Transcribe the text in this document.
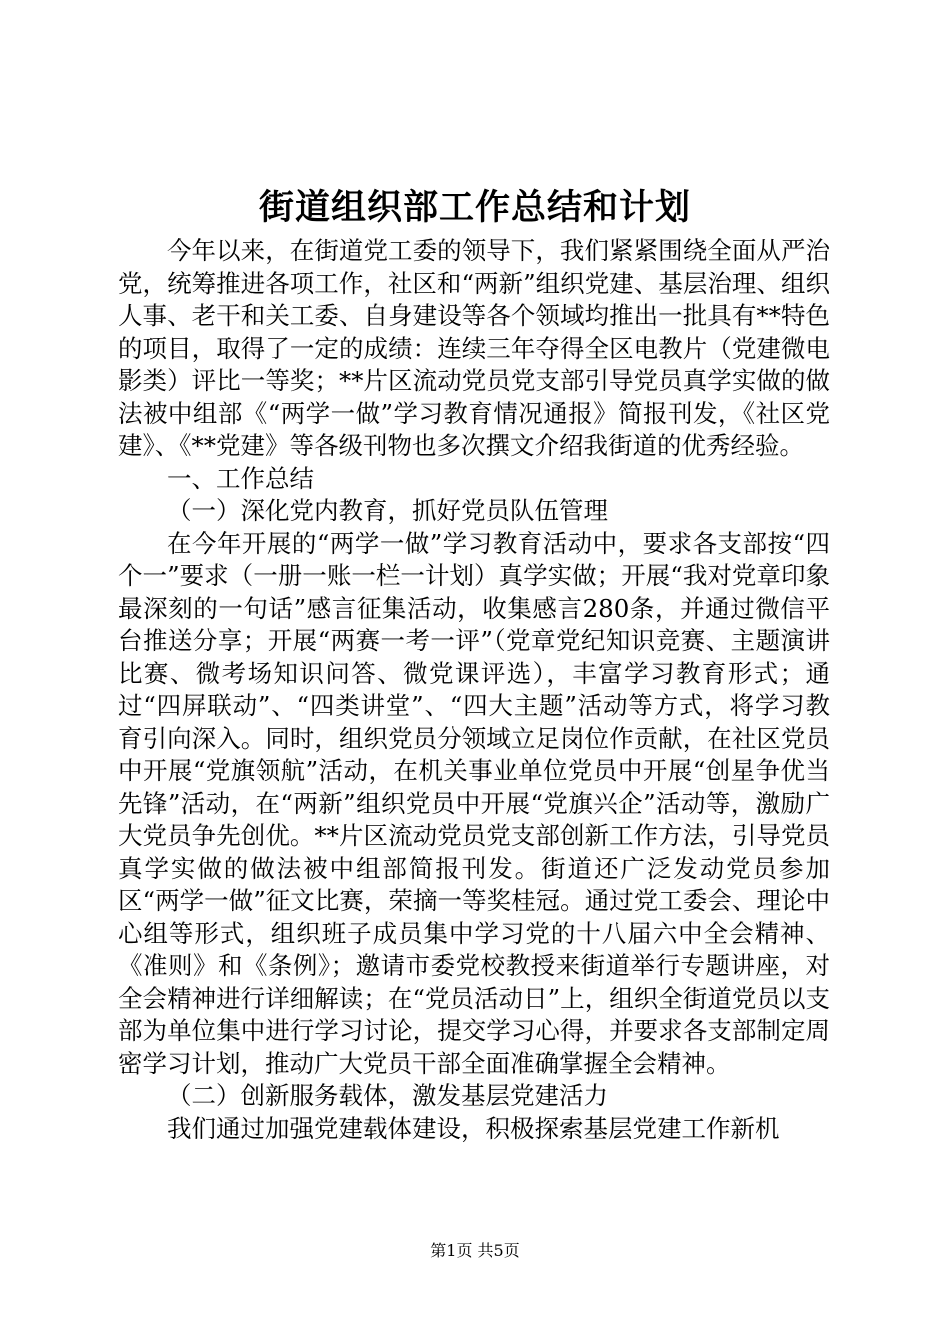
街道组织部工作总结和计划

今年以来，在街道党工委的领导下，我们紧紧围绕全面从严治党，统筹推进各项工作，社区和“两新”组织党建、基层治理、组织人事、老干和关工委、自身建设等各个领域均推出一批具有**特色的项目，取得了一定的成绩：连续三年夺得全区电教片（党建微电影类）评比一等奖；**片区流动党员党支部引导党员真学实做的做法被中组部《“两学一做”学习教育情况通报》简报刊发，《社区党建》、《**党建》等各级刊物也多次撰文介绍我街道的优秀经验。

一、工作总结

（一）深化党内教育，抓好党员队伍管理

在今年开展的“两学一做”学习教育活动中，要求各支部按“四个一”要求（一册一账一栏一计划）真学实做；开展“我对党章印象最深刻的一句话”感言征集活动，收集感言280条，并通过微信平台推送分享；开展“两赛一考一评”（党章党纪知识竞赛、主题演讲比赛、微考场知识问答、微党课评选），丰富学习教育形式；通过“四屏联动”、“四类讲堂”、“四大主题”活动等方式，将学习教育引向深入。同时，组织党员分领域立足岗位作贡献，在社区党员中开展“党旗领航”活动，在机关事业单位党员中开展“创星争优当先锋”活动，在“两新”组织党员中开展“党旗兴企”活动等，激励广大党员争先创优。**片区流动党员党支部创新工作方法，引导党员真学实做的做法被中组部简报刊发。街道还广泛发动党员参加区“两学一做”征文比赛，荣摘一等奖桂冠。通过党工委会、理论中心组等形式，组织班子成员集中学习党的十八届六中全会精神、《准则》和《条例》；邀请市委党校教授来街道举行专题讲座，对全会精神进行详细解读；在“党员活动日”上，组织全街道党员以支部为单位集中进行学习讨论，提交学习心得，并要求各支部制定周密学习计划，推动广大党员干部全面准确掌握全会精神。

（二）创新服务载体，激发基层党建活力

我们通过加强党建载体建设，积极探索基层党建工作新机

第1页 共5页
